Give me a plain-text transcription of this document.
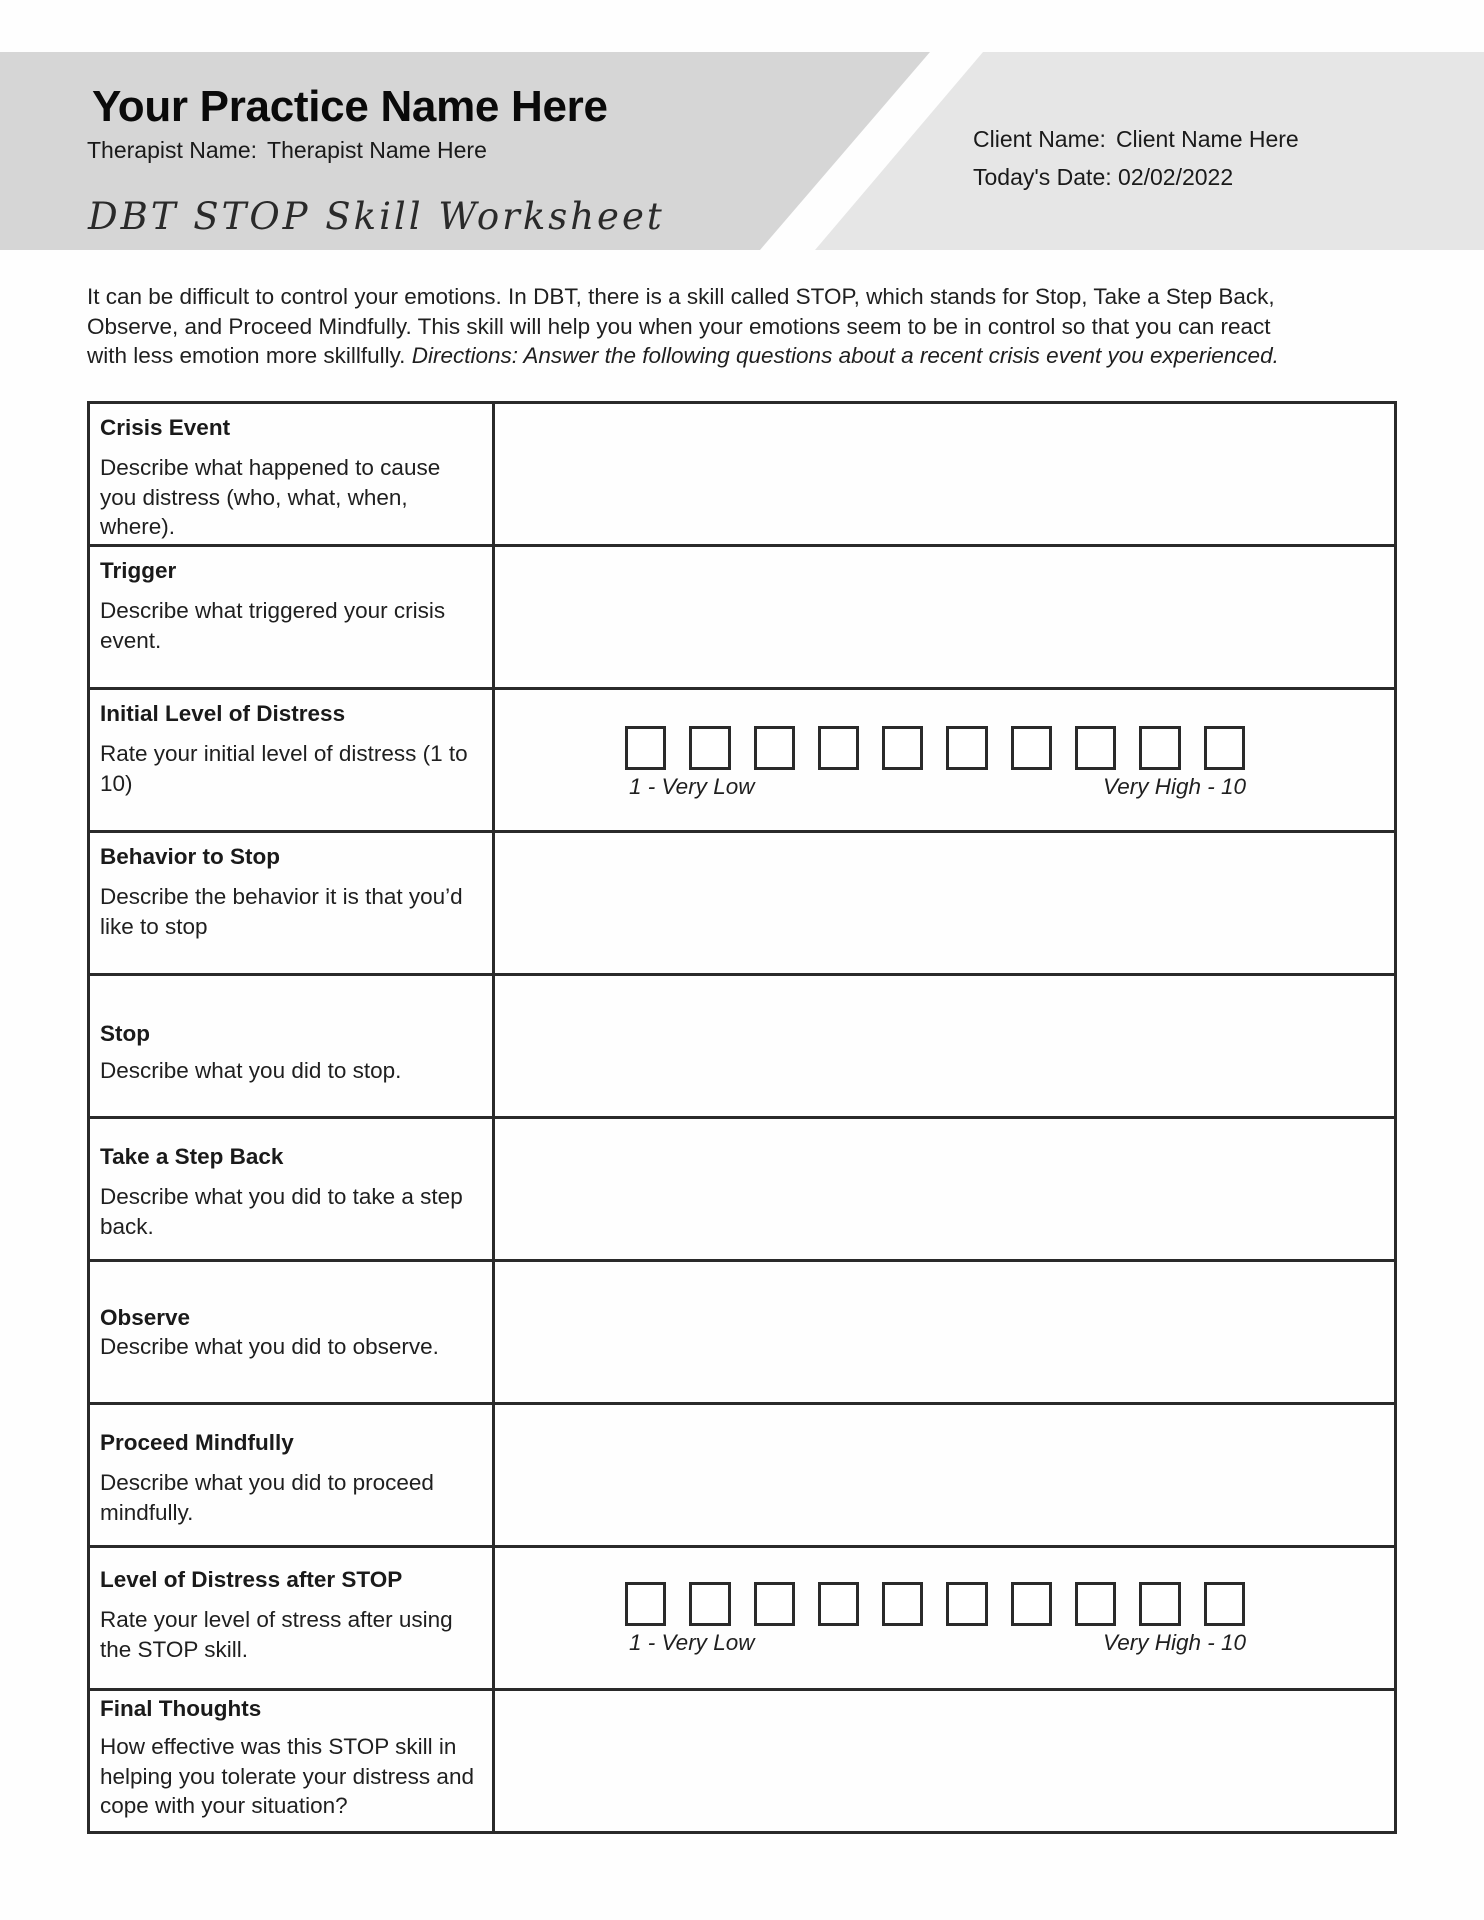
Your Practice Name Here
Therapist Name: Therapist Name Here
DBT STOP Skill Worksheet
Client Name: Client Name Here
Today's Date: 02/02/2022

It can be difficult to control your emotions. In DBT, there is a skill called STOP, which stands for Stop, Take a Step Back,

Observe, and Proceed Mindfully. This skill will help you when your emotions seem to be in control so that you can react

with less emotion more skillfully. Directions: Answer the following questions about a recent crisis event you experienced.

Crisis Event
Describe what happened to cause you distress (who, what, when, where).
Trigger
Describe what triggered your crisis event.
Initial Level of Distress
Rate your initial level of distress (1 to 10)	1 - Very Low	Very High - 10
Behavior to Stop
Describe the behavior it is that you’d like to stop
Stop
Describe what you did to stop.
Take a Step Back
Describe what you did to take a step back.
Observe
Describe what you did to observe.
Proceed Mindfully
Describe what you did to proceed mindfully.
Level of Distress after STOP
Rate your level of stress after using the STOP skill.	1 - Very Low	Very High - 10
Final Thoughts
How effective was this STOP skill in helping you tolerate your distress and cope with your situation?
